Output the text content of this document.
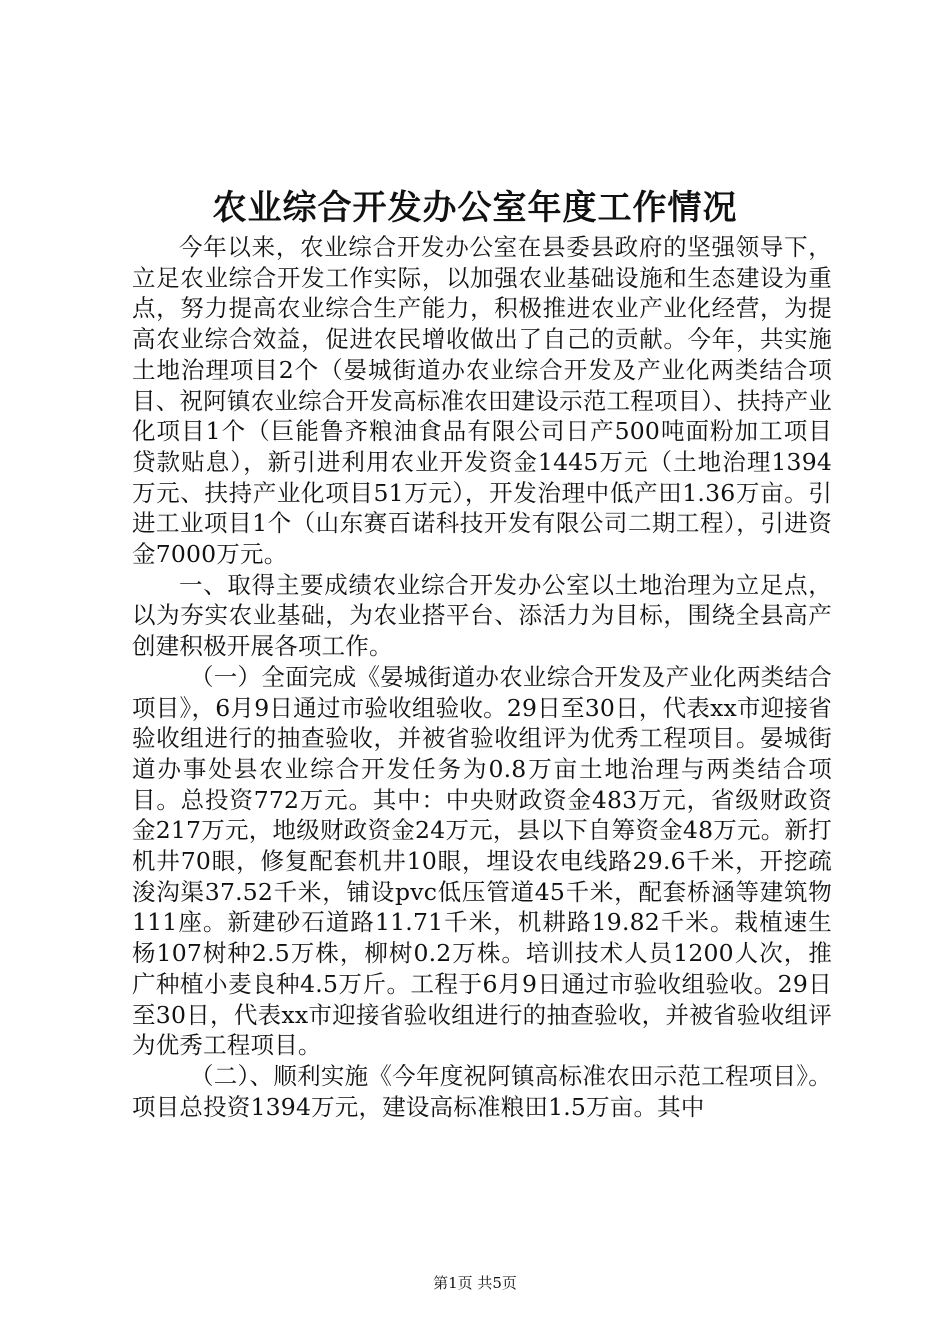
农业综合开发办公室年度工作情况

今年以来，农业综合开发办公室在县委县政府的坚强领导下，立足农业综合开发工作实际，以加强农业基础设施和生态建设为重点，努力提高农业综合生产能力，积极推进农业产业化经营，为提高农业综合效益，促进农民增收做出了自己的贡献。今年，共实施土地治理项目2个（晏城街道办农业综合开发及产业化两类结合项目、祝阿镇农业综合开发高标准农田建设示范工程项目）、扶持产业化项目1个（巨能鲁齐粮油食品有限公司日产500吨面粉加工项目贷款贴息），新引进利用农业开发资金1445万元（土地治理1394万元、扶持产业化项目51万元），开发治理中低产田1.36万亩。引进工业项目1个（山东赛百诺科技开发有限公司二期工程），引进资金7000万元。

一、取得主要成绩农业综合开发办公室以土地治理为立足点，以为夯实农业基础，为农业搭平台、添活力为目标，围绕全县高产创建积极开展各项工作。

（一）全面完成《晏城街道办农业综合开发及产业化两类结合项目》，6月9日通过市验收组验收。29日至30日，代表xx市迎接省验收组进行的抽查验收，并被省验收组评为优秀工程项目。晏城街道办事处县农业综合开发任务为0.8万亩土地治理与两类结合项目。总投资772万元。其中：中央财政资金483万元，省级财政资金217万元，地级财政资金24万元，县以下自筹资金48万元。新打机井70眼，修复配套机井10眼，埋设农电线路29.6千米，开挖疏浚沟渠37.52千米，铺设pvc低压管道45千米，配套桥涵等建筑物111座。新建砂石道路11.71千米，机耕路19.82千米。栽植速生杨107树种2.5万株，柳树0.2万株。培训技术人员1200人次，推广种植小麦良种4.5万斤。工程于6月9日通过市验收组验收。29日至30日，代表xx市迎接省验收组进行的抽查验收，并被省验收组评为优秀工程项目。

（二）、顺利实施《今年度祝阿镇高标准农田示范工程项目》。项目总投资1394万元，建设高标准粮田1.5万亩。其中

第1页 共5页
